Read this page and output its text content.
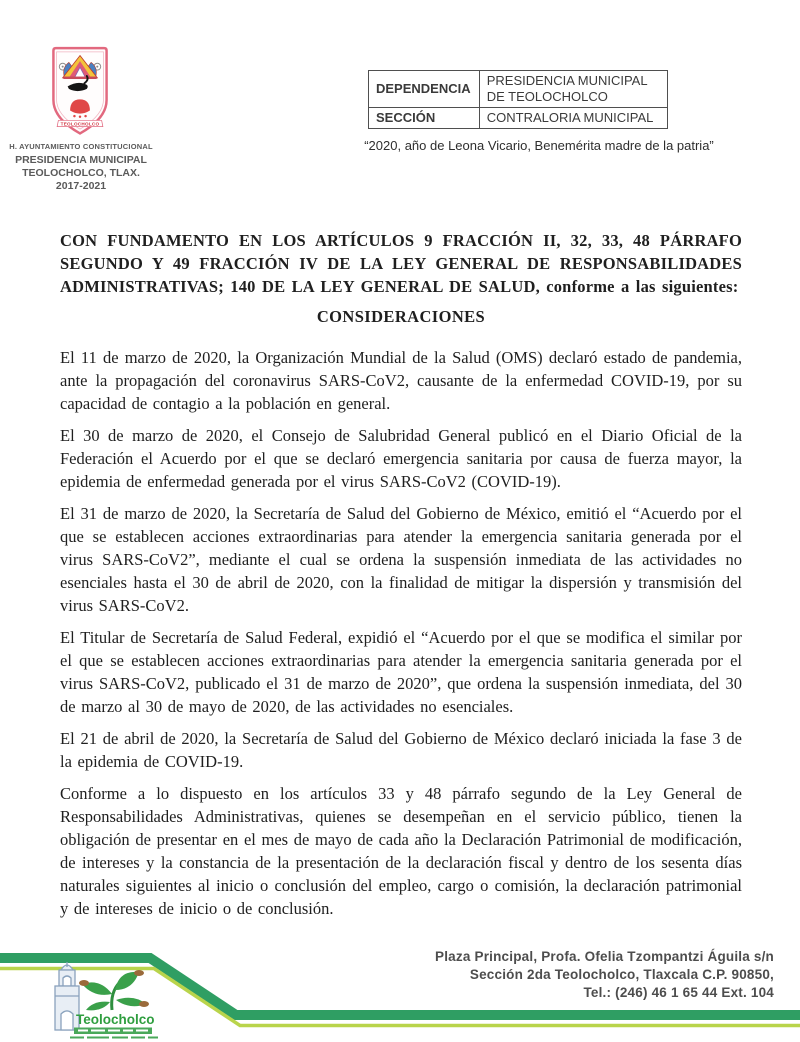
TEOLOCHOLCO
H. AYUNTAMIENTO CONSTITUCIONAL
PRESIDENCIA MUNICIPAL
TEOLOCHOLCO, TLAX.
2017-2021
DEPENDENCIA	PRESIDENCIA MUNICIPAL DE TEOLOCHOLCO
SECCIÓN	CONTRALORIA MUNICIPAL
“2020, año de Leona Vicario, Benemérita madre de la patria”

CON FUNDAMENTO EN LOS ARTÍCULOS 9 FRACCIÓN II, 32, 33, 48 PÁRRAFO SEGUNDO Y 49 FRACCIÓN IV DE LA LEY GENERAL DE RESPONSABILIDADES ADMINISTRATIVAS; 140 DE LA LEY GENERAL DE SALUD, conforme a las siguientes:

CONSIDERACIONES

El 11 de marzo de 2020, la Organización Mundial de la Salud (OMS) declaró estado de pandemia, ante la propagación del coronavirus SARS-CoV2, causante de la enfermedad COVID-19, por su capacidad de contagio a la población en general.

El 30 de marzo de 2020, el Consejo de Salubridad General publicó en el Diario Oficial de la Federación el Acuerdo por el que se declaró emergencia sanitaria por causa de fuerza mayor, la epidemia de enfermedad generada por el virus SARS-CoV2 (COVID-19).

El 31 de marzo de 2020, la Secretaría de Salud del Gobierno de México, emitió el “Acuerdo por el que se establecen acciones extraordinarias para atender la emergencia sanitaria generada por el virus SARS-CoV2”, mediante el cual se ordena la suspensión inmediata de las actividades no esenciales hasta el 30 de abril de 2020, con la finalidad de mitigar la dispersión y transmisión del virus SARS-CoV2.

El Titular de Secretaría de Salud Federal, expidió el “Acuerdo por el que se modifica el similar por el que se establecen acciones extraordinarias para atender la emergencia sanitaria generada por el virus SARS-CoV2, publicado el 31 de marzo de 2020”, que ordena la suspensión inmediata, del 30 de marzo al 30 de mayo de 2020, de las actividades no esenciales.

El 21 de abril de 2020, la Secretaría de Salud del Gobierno de México declaró iniciada la fase 3 de la epidemia de COVID-19.

Conforme a lo dispuesto en los artículos 33 y 48 párrafo segundo de la Ley General de Responsabilidades Administrativas, quienes se desempeñan en el servicio público, tienen la obligación de presentar en el mes de mayo de cada año la Declaración Patrimonial de modificación, de intereses y la constancia de la presentación de la declaración fiscal y dentro de los sesenta días naturales siguientes al inicio o conclusión del empleo, cargo o comisión, la declaración patrimonial y de intereses de inicio o de conclusión.

Teolocholco
Plaza Principal, Profa. Ofelia Tzompantzi Águila s/n
Sección 2da Teolocholco, Tlaxcala C.P. 90850,
Tel.: (246) 46 1 65 44 Ext. 104
